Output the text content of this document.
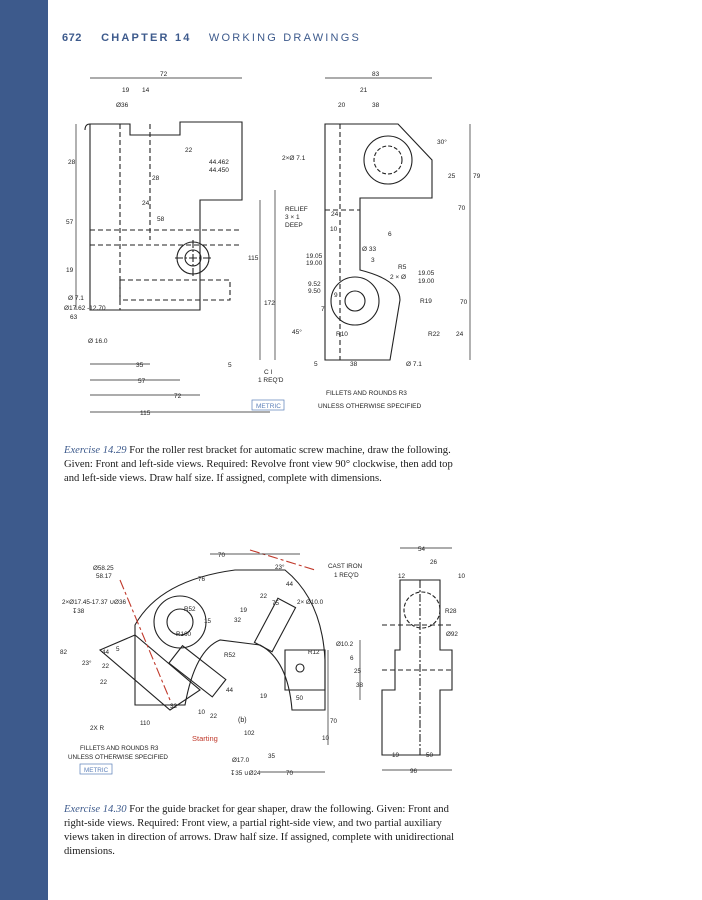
672 CHAPTER 14 WORKING DRAWINGS
72	83
19 14
Ø36
21
20	38
28
22
44.462
44.450
28
2×Ø 7.1
30°
25	79
24
58
57
RELIEF
3 × 1
DEEP
24
10
6
70
19
115
Ø 33
3
19.05
19.00
R5
2 × Ø
19.05
19.00
Ø 7.1
Ø17.62 -12.70
63
9.52
9.50
172
9
R19	70
Ø 16.0
45°
7
R10	R22 24
35	5	5	38	Ø 7.1
57
C I
1 REQ'D
72	FILLETS AND ROUNDS R3
UNLESS OTHERWISE SPECIFIED
METRIC
115
Exercise 14.29 For the roller rest bracket for automatic screw machine, draw the following. Given: Front and left-side views. Required: Revolve front view 90° clockwise, then add top and left-side views. Draw half size. If assigned, complete with dimensions.
Ø58.25
58.17
70
23°	CAST IRON
1 REQ'D
54
26
12	10
76
44
22
75	2× Ø10.0
R28
2×Ø17.45-17.37 ∪Ø36
↧38	R52	19
32
Ø92
15
R160
R12
Ø10.2
82	44 5
23° 22
6
25
38
22
R52
44
19
32
10
22
50
70
110
2X R
(b)
Starting
102
10
FILLETS AND ROUNDS R3
UNLESS OTHERWISE SPECIFIED
METRIC
Ø17.0
↧35 ∪Ø24
35
70
19	50
96
Exercise 14.30 For the guide bracket for gear shaper, draw the following. Given: Front and right-side views. Required: Front view, a partial right-side view, and two partial auxiliary views taken in direction of arrows. Draw half size. If assigned, complete with unidirectional dimensions.
